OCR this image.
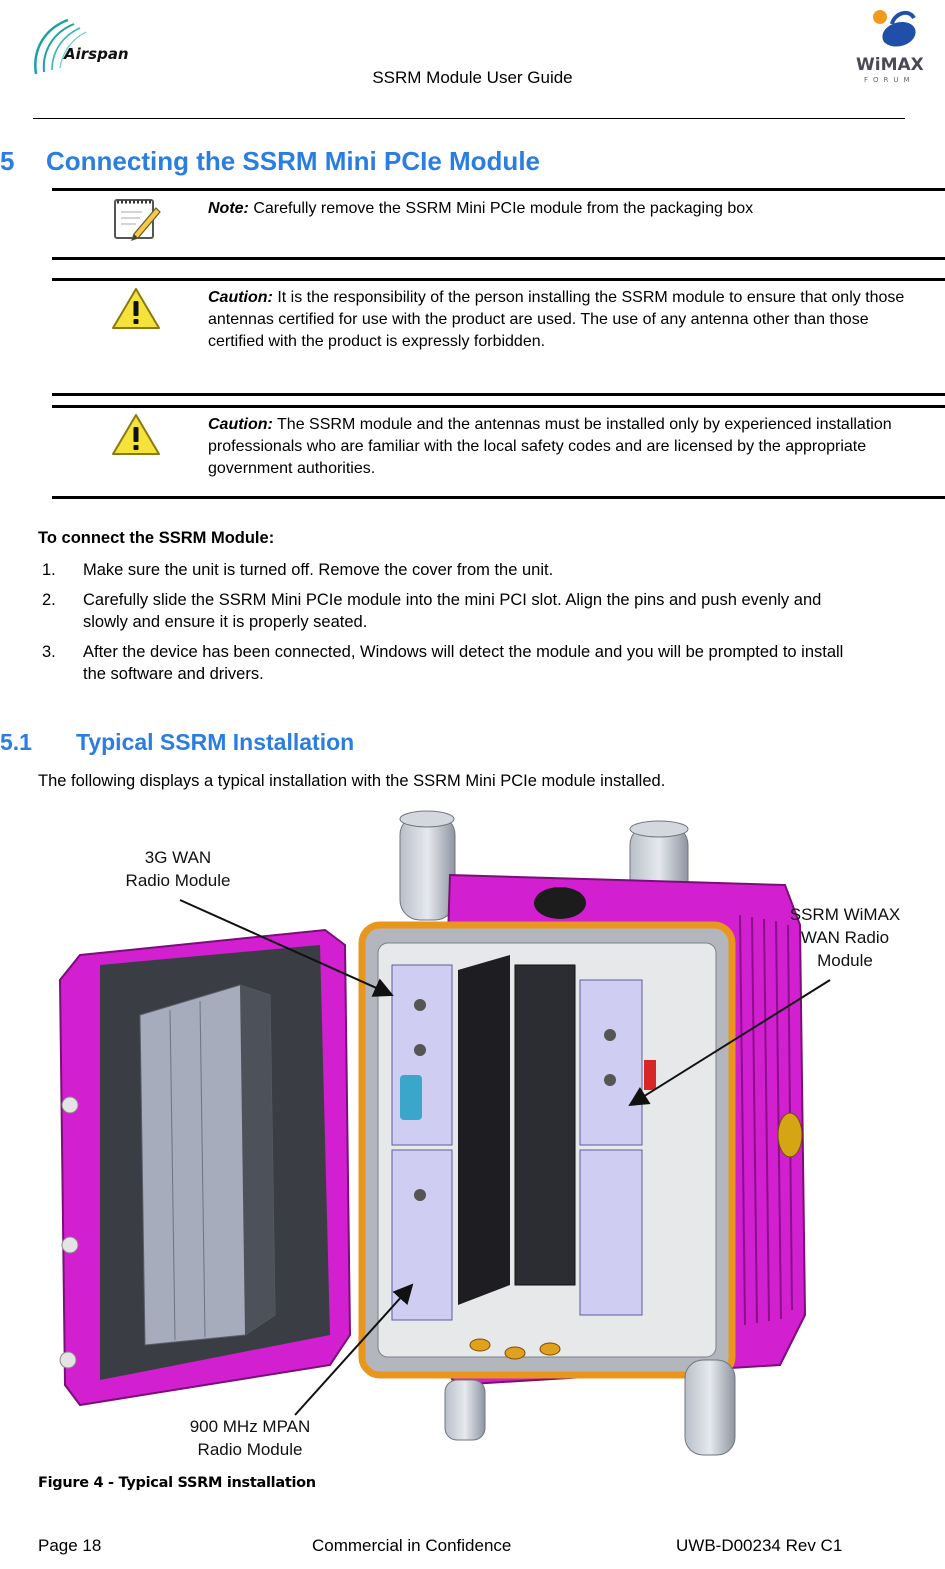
Airspan
SSRM Module User Guide
WiMAX
FORUM
5 Connecting the SSRM Mini PCIe Module
Note: Carefully remove the SSRM Mini PCIe module from the packaging box
Caution: It is the responsibility of the person installing the SSRM module to ensure that only those antennas certified for use with the product are used. The use of any antenna other than those certified with the product is expressly forbidden.
Caution: The SSRM module and the antennas must be installed only by experienced installation professionals who are familiar with the local safety codes and are licensed by the appropriate government authorities.
To connect the SSRM Module:
1. Make sure the unit is turned off. Remove the cover from the unit.
2. Carefully slide the SSRM Mini PCIe module into the mini PCI slot. Align the pins and push evenly and slowly and ensure it is properly seated.
3. After the device has been connected, Windows will detect the module and you will be prompted to install the software and drivers.
5.1 Typical SSRM Installation
The following displays a typical installation with the SSRM Mini PCIe module installed.
3G WAN
Radio Module
SSRM WiMAX
WAN Radio
Module
900 MHz MPAN
Radio Module
Figure 4 - Typical SSRM installation
Page 18	Commercial in Confidence	UWB-D00234 Rev C1
